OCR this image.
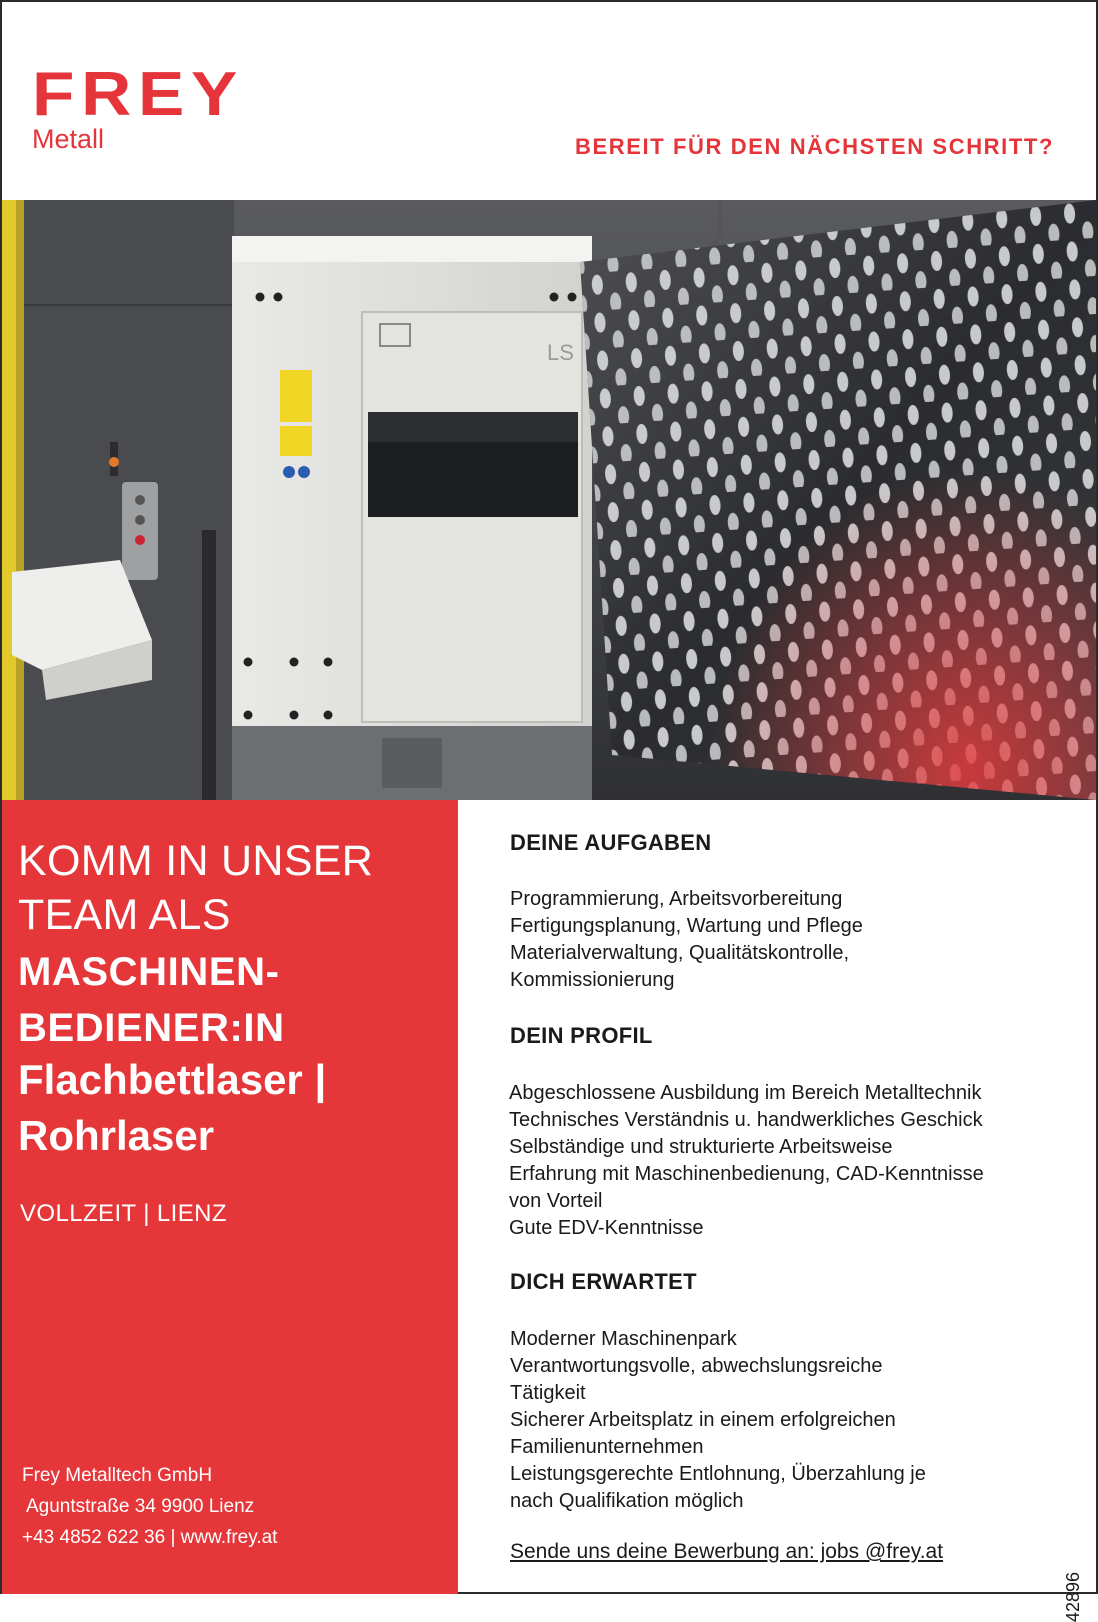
FREY
Metall	BEREIT FÜR DEN NÄCHSTEN SCHRITT?
LS
KOMM IN UNSER
TEAM ALS
MASCHINEN-
BEDIENER:IN
Flachbettlaser |
Rohrlaser
VOLLZEIT | LIENZ
Frey Metalltech GmbH
Aguntstraße 34 9900 Lienz
+43 4852 622 36 | www.frey.at
DEINE AUFGABEN
Programmierung, Arbeitsvorbereitung
Fertigungsplanung, Wartung und Pflege
Materialverwaltung, Qualitätskontrolle,
Kommissionierung
DEIN PROFIL
Abgeschlossene Ausbildung im Bereich Metalltechnik
Technisches Verständnis u. handwerkliches Geschick
Selbständige und strukturierte Arbeitsweise
Erfahrung mit Maschinenbedienung, CAD-Kenntnisse
von Vorteil
Gute EDV-Kenntnisse
DICH ERWARTET
Moderner Maschinenpark
Verantwortungsvolle, abwechslungsreiche
Tätigkeit
Sicherer Arbeitsplatz in einem erfolgreichen
Familienunternehmen
Leistungsgerechte Entlohnung, Überzahlung je
nach Qualifikation möglich
Sende uns deine Bewerbung an: jobs @frey.at
42896
